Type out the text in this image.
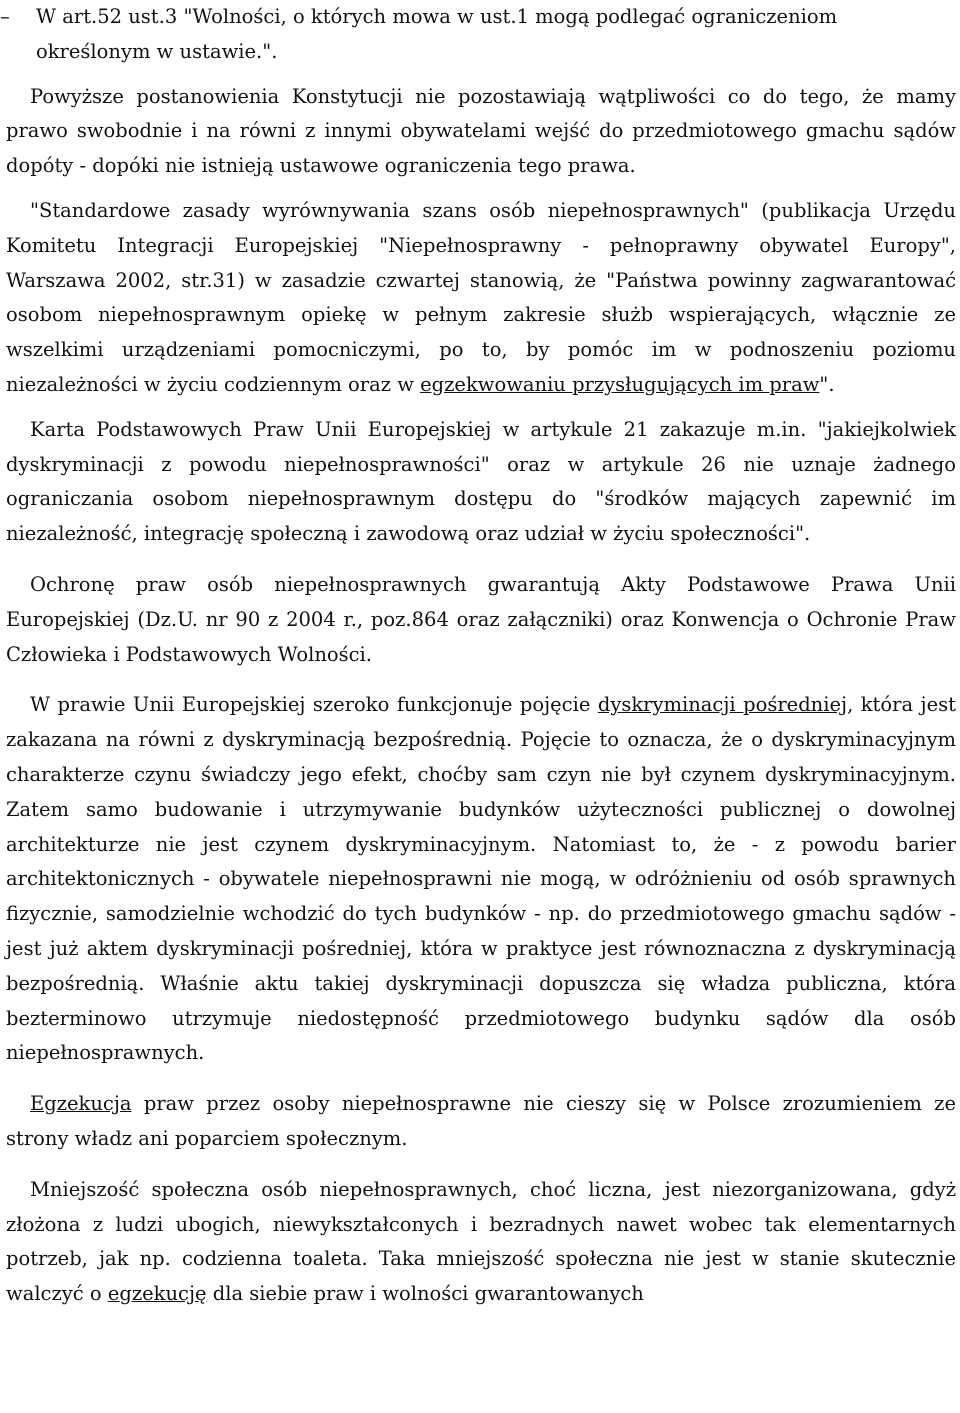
–	W art.52 ust.3 "Wolności, o których mowa w ust.1 mogą podlegać ograniczeniom określonym w ustawie.".

Powyższe postanowienia Konstytucji nie pozostawiają wątpliwości co do tego, że mamy prawo swobodnie i na równi z innymi obywatelami wejść do przedmiotowego gmachu sądów dopóty - dopóki nie istnieją ustawowe ograniczenia tego prawa.

"Standardowe zasady wyrównywania szans osób niepełnosprawnych" (publikacja Urzędu Komitetu Integracji Europejskiej "Niepełnosprawny - pełnoprawny obywatel Europy", Warszawa 2002, str.31) w zasadzie czwartej stanowią, że "Państwa powinny zagwarantować osobom niepełnosprawnym opiekę w pełnym zakresie służb wspierających, włącznie ze wszelkimi urządzeniami pomocniczymi, po to, by pomóc im w podnoszeniu poziomu niezależności w życiu codziennym oraz w egzekwowaniu przysługujących im praw".

Karta Podstawowych Praw Unii Europejskiej w artykule 21 zakazuje m.in. "jakiejkolwiek dyskryminacji z powodu niepełnosprawności" oraz w artykule 26 nie uznaje żadnego ograniczania osobom niepełnosprawnym dostępu do "środków mających zapewnić im niezależność, integrację społeczną i zawodową oraz udział w życiu społeczności".

Ochronę praw osób niepełnosprawnych gwarantują Akty Podstawowe Prawa Unii Europejskiej (Dz.U. nr 90 z 2004 r., poz.864 oraz załączniki) oraz Konwencja o Ochronie Praw Człowieka i Podstawowych Wolności.

W prawie Unii Europejskiej szeroko funkcjonuje pojęcie dyskryminacji pośredniej, która jest zakazana na równi z dyskryminacją bezpośrednią. Pojęcie to oznacza, że o dyskryminacyjnym charakterze czynu świadczy jego efekt, choćby sam czyn nie był czynem dyskryminacyjnym. Zatem samo budowanie i utrzymywanie budynków użyteczności publicznej o dowolnej architekturze nie jest czynem dyskryminacyjnym. Natomiast to, że - z powodu barier architektonicznych - obywatele niepełnosprawni nie mogą, w odróżnieniu od osób sprawnych fizycznie, samodzielnie wchodzić do tych budynków - np. do przedmiotowego gmachu sądów - jest już aktem dyskryminacji pośredniej, która w praktyce jest równoznaczna z dyskryminacją bezpośrednią. Właśnie aktu takiej dyskryminacji dopuszcza się władza publiczna, która bezterminowo utrzymuje niedostępność przedmiotowego budynku sądów dla osób niepełnosprawnych.

Egzekucja praw przez osoby niepełnosprawne nie cieszy się w Polsce zrozumieniem ze strony władz ani poparciem społecznym.

Mniejszość społeczna osób niepełnosprawnych, choć liczna, jest niezorganizowana, gdyż złożona z ludzi ubogich, niewykształconych i bezradnych nawet wobec tak elementarnych potrzeb, jak np. codzienna toaleta. Taka mniejszość społeczna nie jest w stanie skutecznie walczyć o egzekucję dla siebie praw i wolności gwarantowanych
